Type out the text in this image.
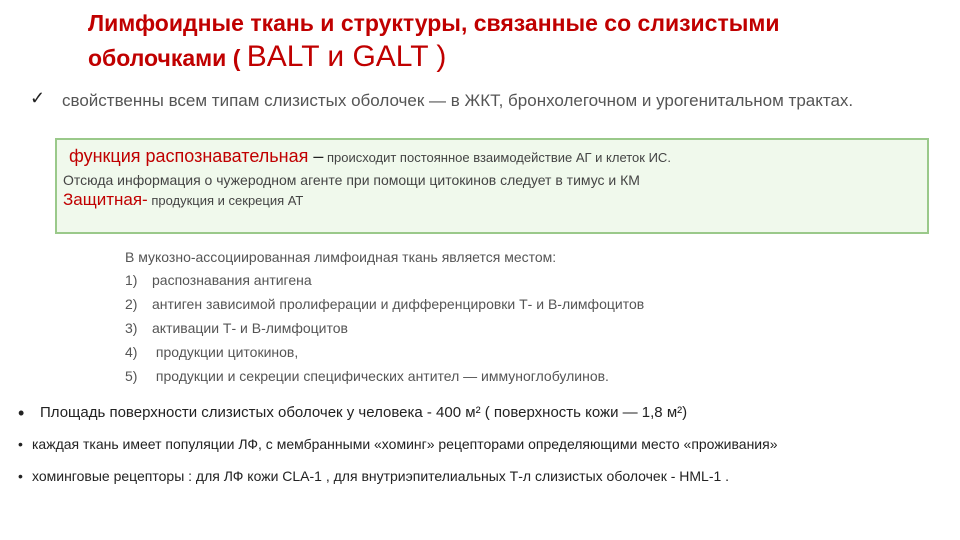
Лимфоидные ткань и структуры, связанные со слизистыми оболочками ( BALT и GALT )
✓ свойственны всем типам слизистых оболочек — в ЖКТ, бронхолегочном и урогенитальном трактах.
функция распознавательная – происходит постоянное взаимодействие АГ и клеток ИС.
Отсюда информация о чужеродном агенте при помощи цитокинов следует в тимус и КМ
Защитная- продукция и секреция АТ
В мукозно-ассоциированная лимфоидная ткань является местом:
1) распознавания антигена
2) антиген зависимой пролиферации и дифференцировки Т- и В-лимфоцитов
3) активации Т- и В-лимфоцитов
4) продукции цитокинов,
5) продукции и секреции специфических антител — иммуноглобулинов.
• Площадь поверхности слизистых оболочек у человека - 400 м² ( поверхность кожи — 1,8 м²)
• каждая ткань имеет популяции ЛФ, с мембранными «хоминг» рецепторами определяющими место «проживания»
• хоминговые рецепторы : для ЛФ кожи CLA-1 , для внутриэпителиальных Т-л слизистых оболочек - HML-1 .
